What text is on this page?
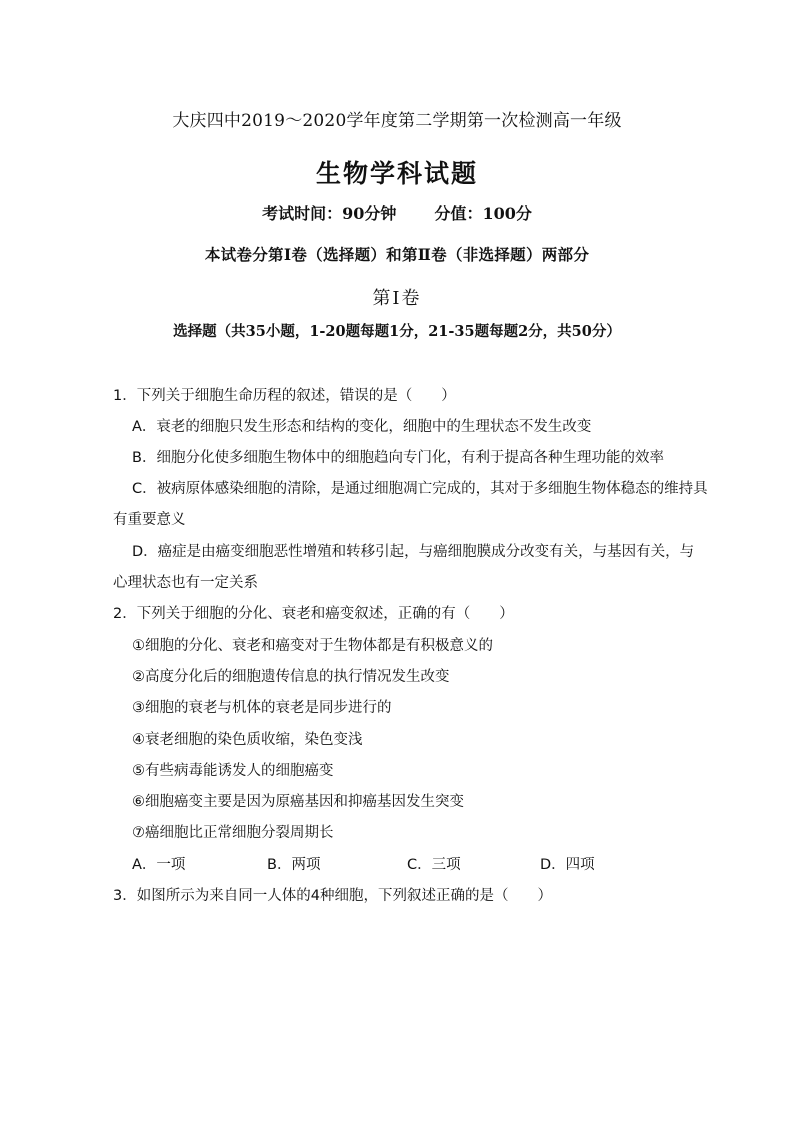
大庆四中2019～2020学年度第二学期第一次检测高一年级
生物学科试题
考试时间：90分钟 分值：100分
本试卷分第Ⅰ卷（选择题）和第Ⅱ卷（非选择题）两部分
第Ⅰ卷
选择题（共35小题，1-20题每题1分，21-35题每题2分，共50分）
1．下列关于细胞生命历程的叙述，错误的是（　　）
A．衰老的细胞只发生形态和结构的变化，细胞中的生理状态不发生改变
B．细胞分化使多细胞生物体中的细胞趋向专门化，有利于提高各种生理功能的效率
C．被病原体感染细胞的清除，是通过细胞凋亡完成的，其对于多细胞生物体稳态的维持具
有重要意义
D．癌症是由癌变细胞恶性增殖和转移引起，与癌细胞膜成分改变有关，与基因有关，与
心理状态也有一定关系
2．下列关于细胞的分化、衰老和癌变叙述，正确的有（　　）
①细胞的分化、衰老和癌变对于生物体都是有积极意义的
②高度分化后的细胞遗传信息的执行情况发生改变
③细胞的衰老与机体的衰老是同步进行的
④衰老细胞的染色质收缩，染色变浅
⑤有些病毒能诱发人的细胞癌变
⑥细胞癌变主要是因为原癌基因和抑癌基因发生突变
⑦癌细胞比正常细胞分裂周期长
A．一项	B．两项	C．三项	D．四项
3．如图所示为来自同一人体的4种细胞，下列叙述正确的是（　　）
